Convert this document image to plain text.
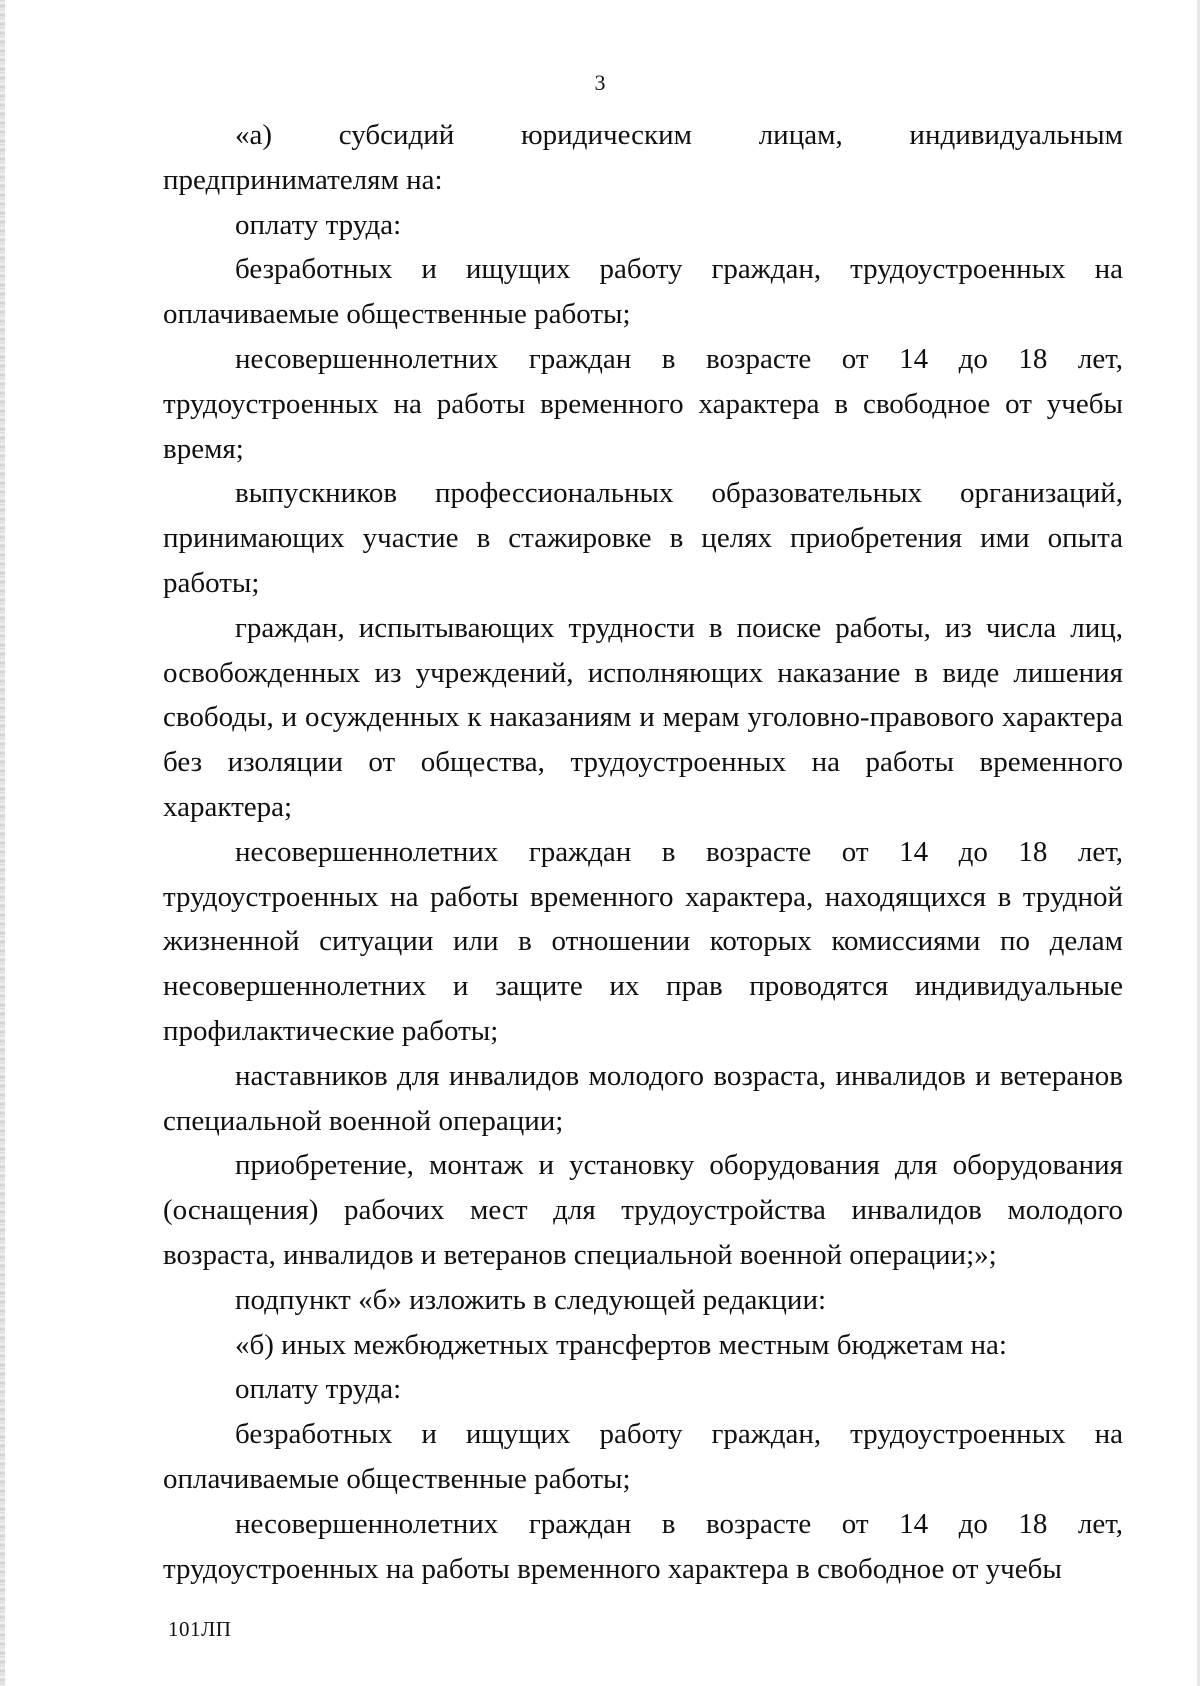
3

«а) субсидий юридическим лицам, индивидуальным предпринимателям на:

оплату труда:

безработных и ищущих работу граждан, трудоустроенных на оплачиваемые общественные работы;

несовершеннолетних граждан в возрасте от 14 до 18 лет, трудоустроенных на работы временного характера в свободное от учебы время;

выпускников профессиональных образовательных организаций, принимающих участие в стажировке в целях приобретения ими опыта работы;

граждан, испытывающих трудности в поиске работы, из числа лиц, освобожденных из учреждений, исполняющих наказание в виде лишения свободы, и осужденных к наказаниям и мерам уголовно-правового характера без изоляции от общества, трудоустроенных на работы временного характера;

несовершеннолетних граждан в возрасте от 14 до 18 лет, трудоустроенных на работы временного характера, находящихся в трудной жизненной ситуации или в отношении которых комиссиями по делам несовершеннолетних и защите их прав проводятся индивидуальные профилактические работы;

наставников для инвалидов молодого возраста, инвалидов и ветеранов специальной военной операции;

приобретение, монтаж и установку оборудования для оборудования (оснащения) рабочих мест для трудоустройства инвалидов молодого возраста, инвалидов и ветеранов специальной военной операции;»;

подпункт «б» изложить в следующей редакции:

«б) иных межбюджетных трансфертов местным бюджетам на:

оплату труда:

безработных и ищущих работу граждан, трудоустроенных на оплачиваемые общественные работы;

несовершеннолетних граждан в возрасте от 14 до 18 лет, трудоустроенных на работы временного характера в свободное от учебы

101ЛП
